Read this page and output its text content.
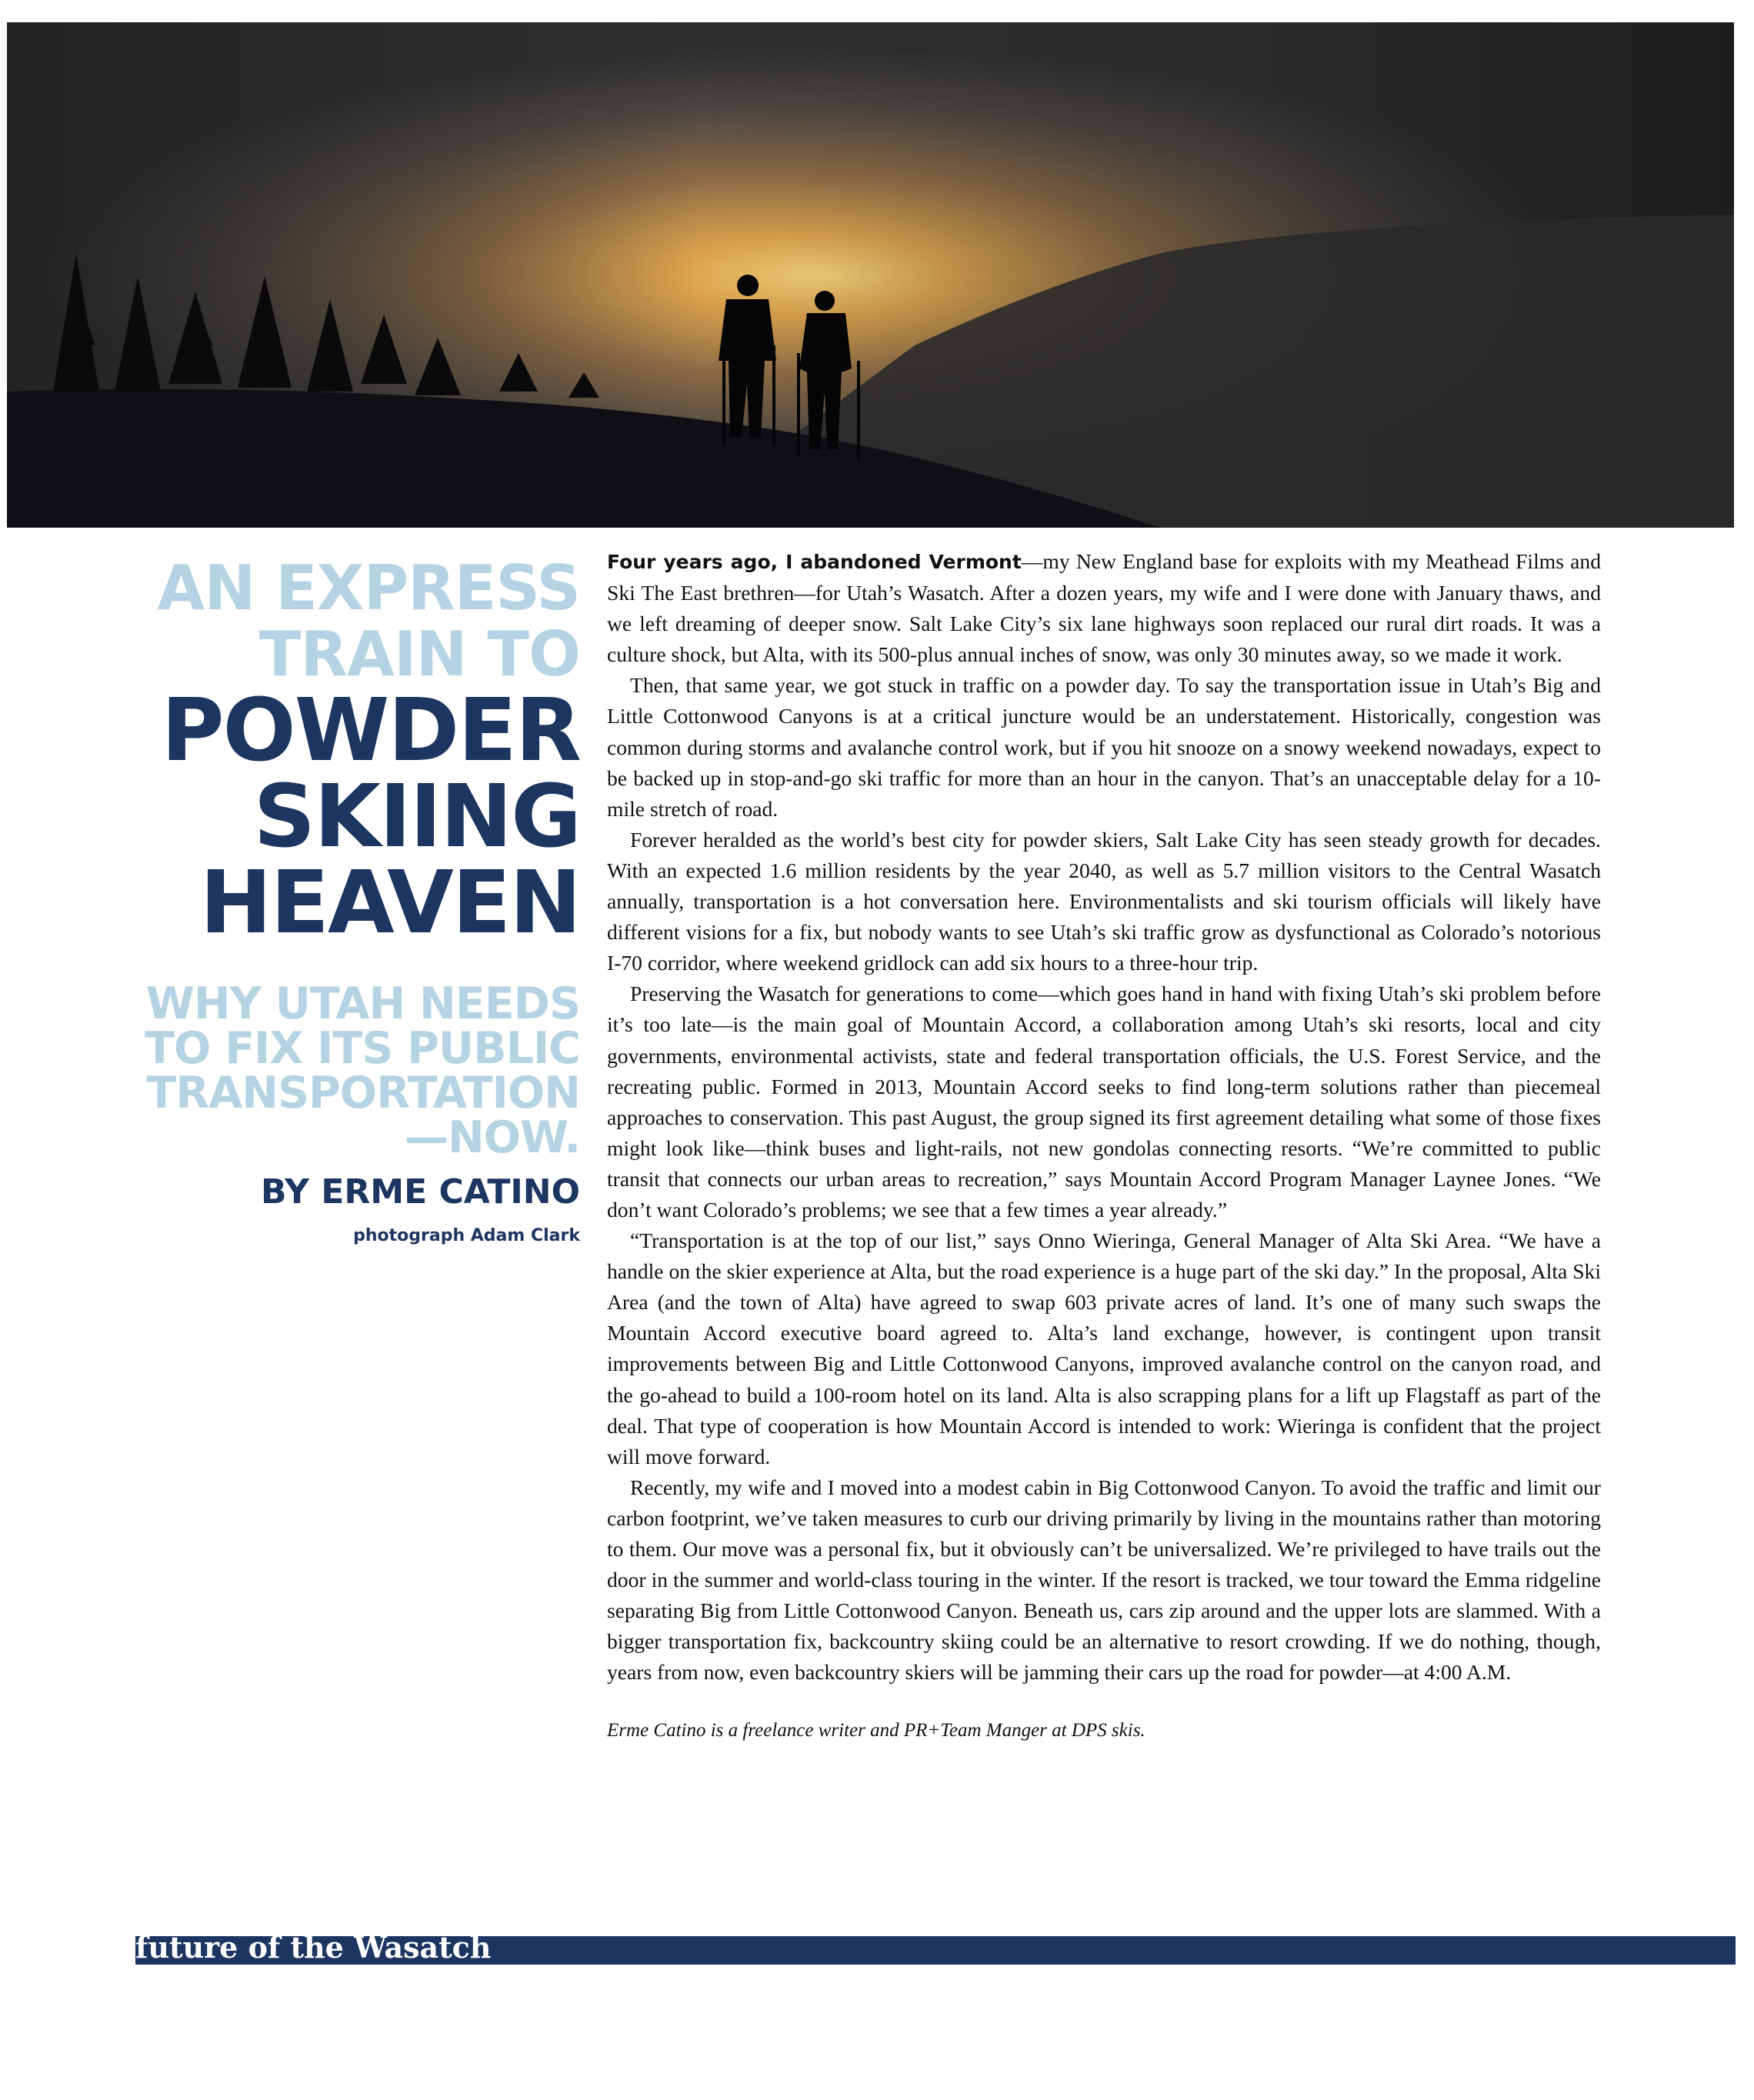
AN EXPRESS
TRAIN TO
POWDER
SKIING
HEAVEN
WHY UTAH NEEDS
TO FIX ITS PUBLIC
TRANSPORTATION
—NOW.
BY ERME CATINO
photograph Adam Clark

Four years ago, I abandoned Vermont—my New England base for exploits with my Meathead Films and Ski The East brethren—for Utah’s Wasatch. After a dozen years, my wife and I were done with January thaws, and we left dreaming of deeper snow. Salt Lake City’s six lane highways soon replaced our rural dirt roads. It was a culture shock, but Alta, with its 500-plus annual inches of snow, was only 30 minutes away, so we made it work.

Then, that same year, we got stuck in traffic on a powder day. To say the transportation issue in Utah’s Big and Little Cottonwood Canyons is at a critical juncture would be an understatement. Historically, congestion was common during storms and avalanche control work, but if you hit snooze on a snowy weekend nowadays, expect to be backed up in stop-and-go ski traffic for more than an hour in the canyon. That’s an unacceptable delay for a 10-mile stretch of road.

Forever heralded as the world’s best city for powder skiers, Salt Lake City has seen steady growth for decades. With an expected 1.6 million residents by the year 2040, as well as 5.7 million visitors to the Central Wasatch annually, transportation is a hot conversation here. Environmentalists and ski tourism officials will likely have different visions for a fix, but nobody wants to see Utah’s ski traffic grow as dysfunctional as Colorado’s notorious I-70 corridor, where weekend gridlock can add six hours to a three-hour trip.

Preserving the Wasatch for generations to come—which goes hand in hand with fixing Utah’s ski problem before it’s too late—is the main goal of Mountain Accord, a collaboration among Utah’s ski resorts, local and city governments, environmental activists, state and federal transportation officials, the U.S. Forest Service, and the recreating public. Formed in 2013, Mountain Accord seeks to find long-term solutions rather than piecemeal approaches to conservation. This past August, the group signed its first agreement detailing what some of those fixes might look like—think buses and light-rails, not new gondolas connecting resorts. “We’re committed to public transit that connects our urban areas to recreation,” says Mountain Accord Program Manager Laynee Jones. “We don’t want Colorado’s problems; we see that a few times a year already.”

“Transportation is at the top of our list,” says Onno Wieringa, General Manager of Alta Ski Area. “We have a handle on the skier experience at Alta, but the road experience is a huge part of the ski day.” In the proposal, Alta Ski Area (and the town of Alta) have agreed to swap 603 private acres of land. It’s one of many such swaps the Mountain Accord executive board agreed to. Alta’s land exchange, however, is contingent upon transit improvements between Big and Little Cottonwood Canyons, improved avalanche control on the canyon road, and the go-ahead to build a 100-room hotel on its land. Alta is also scrapping plans for a lift up Flagstaff as part of the deal. That type of cooperation is how Mountain Accord is intended to work: Wieringa is confident that the project will move forward.

Recently, my wife and I moved into a modest cabin in Big Cottonwood Canyon. To avoid the traffic and limit our carbon footprint, we’ve taken measures to curb our driving primarily by living in the mountains rather than motoring to them. Our move was a personal fix, but it obviously can’t be universalized. We’re privileged to have trails out the door in the summer and world-class touring in the winter. If the resort is tracked, we tour toward the Emma ridgeline separating Big from Little Cottonwood Canyon. Beneath us, cars zip around and the upper lots are slammed. With a bigger transportation fix, backcountry skiing could be an alternative to resort crowding. If we do nothing, though, years from now, even backcountry skiers will be jamming their cars up the road for powder—at 4:00 A.M.

Erme Catino is a freelance writer and PR+Team Manger at DPS skis.

future of the Wasatch
